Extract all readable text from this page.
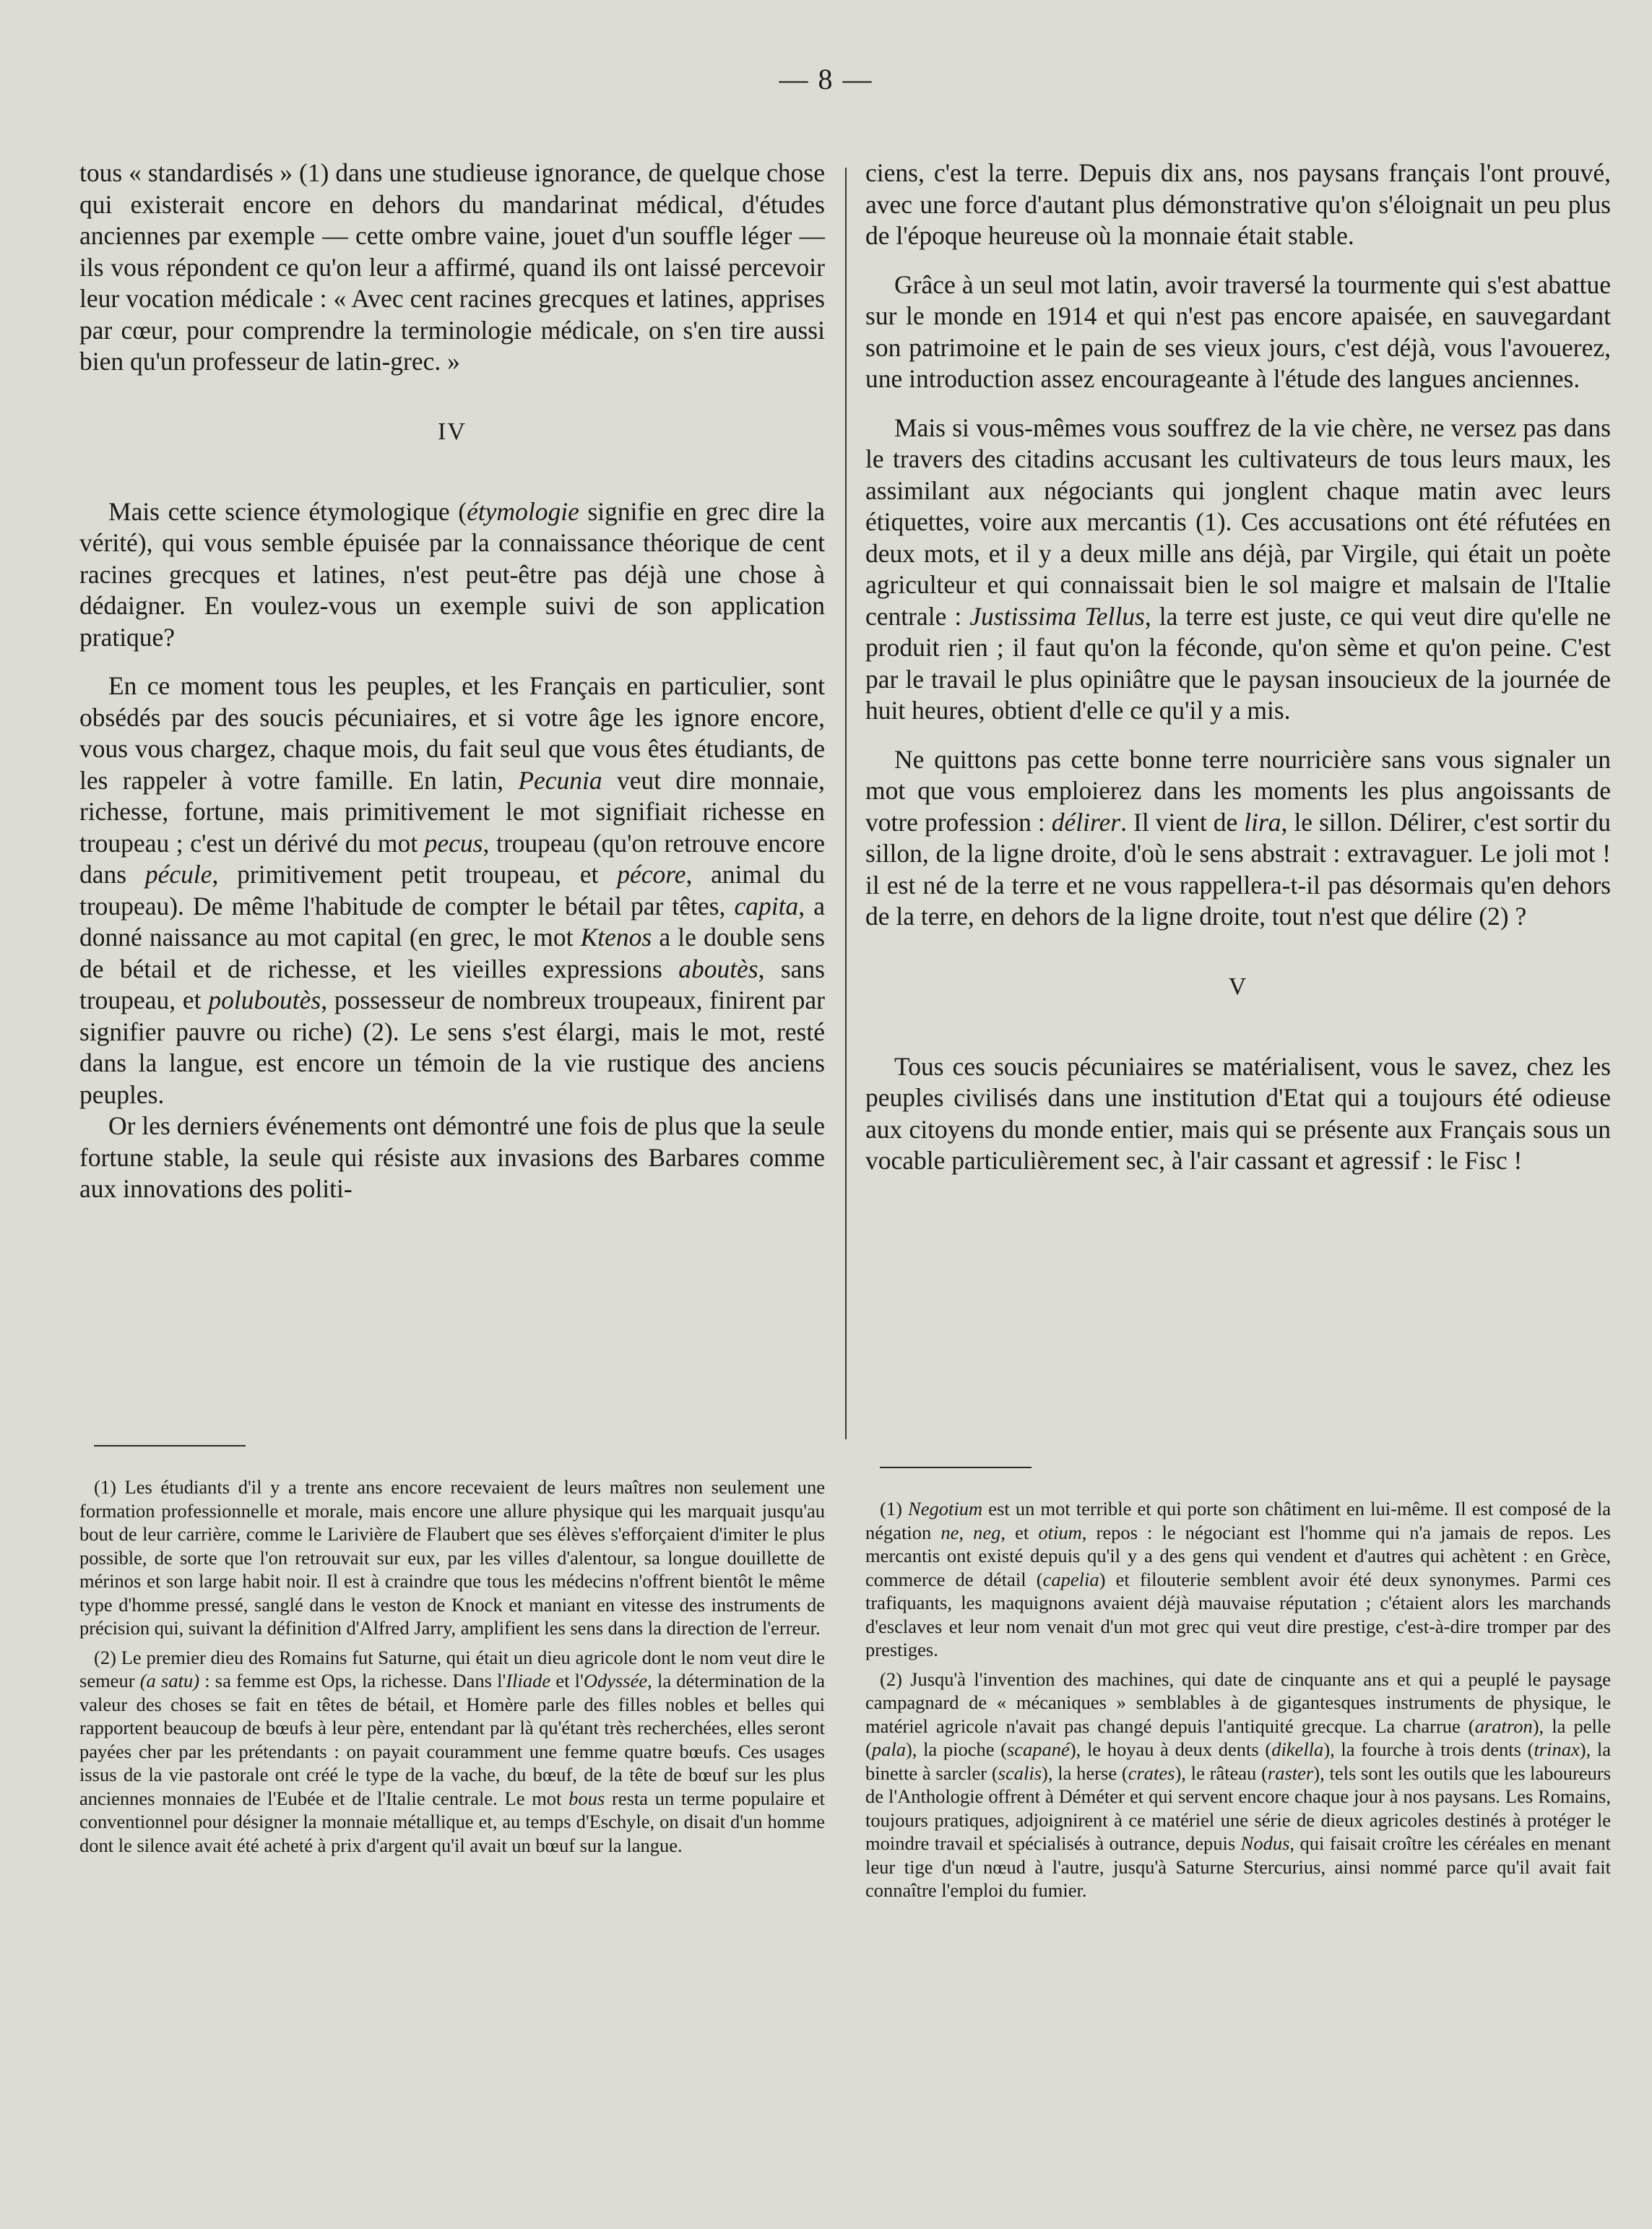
— 8 —

tous « standardisés » (1) dans une studieuse ignorance, de quelque chose qui existerait encore en dehors du mandarinat médical, d'études anciennes par exemple — cette ombre vaine, jouet d'un souffle léger — ils vous répondent ce qu'on leur a affirmé, quand ils ont laissé percevoir leur vocation médicale : « Avec cent racines grecques et latines, apprises par cœur, pour comprendre la terminologie médicale, on s'en tire aussi bien qu'un professeur de latin-grec. »

IV

Mais cette science étymologique (étymologie signifie en grec dire la vérité), qui vous semble épuisée par la connaissance théorique de cent racines grecques et latines, n'est peut-être pas déjà une chose à dédaigner. En voulez-vous un exemple suivi de son application pratique?

En ce moment tous les peuples, et les Français en particulier, sont obsédés par des soucis pécuniaires, et si votre âge les ignore encore, vous vous chargez, chaque mois, du fait seul que vous êtes étudiants, de les rappeler à votre famille. En latin, Pecunia veut dire monnaie, richesse, fortune, mais primitivement le mot signifiait richesse en troupeau ; c'est un dérivé du mot pecus, troupeau (qu'on retrouve encore dans pécule, primitivement petit troupeau, et pécore, animal du troupeau). De même l'habitude de compter le bétail par têtes, capita, a donné naissance au mot capital (en grec, le mot Ktenos a le double sens de bétail et de richesse, et les vieilles expressions aboutès, sans troupeau, et poluboutès, possesseur de nombreux troupeaux, finirent par signifier pauvre ou riche) (2). Le sens s'est élargi, mais le mot, resté dans la langue, est encore un témoin de la vie rustique des anciens peuples.

Or les derniers événements ont démontré une fois de plus que la seule fortune stable, la seule qui résiste aux invasions des Barbares comme aux innovations des politi-

ciens, c'est la terre. Depuis dix ans, nos paysans français l'ont prouvé, avec une force d'autant plus démonstrative qu'on s'éloignait un peu plus de l'époque heureuse où la monnaie était stable.

Grâce à un seul mot latin, avoir traversé la tourmente qui s'est abattue sur le monde en 1914 et qui n'est pas encore apaisée, en sauvegardant son patrimoine et le pain de ses vieux jours, c'est déjà, vous l'avouerez, une introduction assez encourageante à l'étude des langues anciennes.

Mais si vous-mêmes vous souffrez de la vie chère, ne versez pas dans le travers des citadins accusant les cultivateurs de tous leurs maux, les assimilant aux négociants qui jonglent chaque matin avec leurs étiquettes, voire aux mercantis (1). Ces accusations ont été réfutées en deux mots, et il y a deux mille ans déjà, par Virgile, qui était un poète agriculteur et qui connaissait bien le sol maigre et malsain de l'Italie centrale : Justissima Tellus, la terre est juste, ce qui veut dire qu'elle ne produit rien ; il faut qu'on la féconde, qu'on sème et qu'on peine. C'est par le travail le plus opiniâtre que le paysan insoucieux de la journée de huit heures, obtient d'elle ce qu'il y a mis.

Ne quittons pas cette bonne terre nourricière sans vous signaler un mot que vous emploierez dans les moments les plus angoissants de votre profession : délirer. Il vient de lira, le sillon. Délirer, c'est sortir du sillon, de la ligne droite, d'où le sens abstrait : extravaguer. Le joli mot ! il est né de la terre et ne vous rappellera-t-il pas désormais qu'en dehors de la terre, en dehors de la ligne droite, tout n'est que délire (2) ?

V

Tous ces soucis pécuniaires se matérialisent, vous le savez, chez les peuples civilisés dans une institution d'Etat qui a toujours été odieuse aux citoyens du monde entier, mais qui se présente aux Français sous un vocable particulièrement sec, à l'air cassant et agressif : le Fisc !

(1) Les étudiants d'il y a trente ans encore recevaient de leurs maîtres non seulement une formation professionnelle et morale, mais encore une allure physique qui les marquait jusqu'au bout de leur carrière, comme le Larivière de Flaubert que ses élèves s'efforçaient d'imiter le plus possible, de sorte que l'on retrouvait sur eux, par les villes d'alentour, sa longue douillette de mérinos et son large habit noir. Il est à craindre que tous les médecins n'offrent bientôt le même type d'homme pressé, sanglé dans le veston de Knock et maniant en vitesse des instruments de précision qui, suivant la définition d'Alfred Jarry, amplifient les sens dans la direction de l'erreur.

(2) Le premier dieu des Romains fut Saturne, qui était un dieu agricole dont le nom veut dire le semeur (a satu) : sa femme est Ops, la richesse. Dans l'Iliade et l'Odyssée, la détermination de la valeur des choses se fait en têtes de bétail, et Homère parle des filles nobles et belles qui rapportent beaucoup de bœufs à leur père, entendant par là qu'étant très recherchées, elles seront payées cher par les prétendants : on payait couramment une femme quatre bœufs. Ces usages issus de la vie pastorale ont créé le type de la vache, du bœuf, de la tête de bœuf sur les plus anciennes monnaies de l'Eubée et de l'Italie centrale. Le mot bous resta un terme populaire et conventionnel pour désigner la monnaie métallique et, au temps d'Eschyle, on disait d'un homme dont le silence avait été acheté à prix d'argent qu'il avait un bœuf sur la langue.

(1) Negotium est un mot terrible et qui porte son châtiment en lui-même. Il est composé de la négation ne, neg, et otium, repos : le négociant est l'homme qui n'a jamais de repos. Les mercantis ont existé depuis qu'il y a des gens qui vendent et d'autres qui achètent : en Grèce, commerce de détail (capelia) et filouterie semblent avoir été deux synonymes. Parmi ces trafiquants, les maquignons avaient déjà mauvaise réputation ; c'étaient alors les marchands d'esclaves et leur nom venait d'un mot grec qui veut dire prestige, c'est-à-dire tromper par des prestiges.

(2) Jusqu'à l'invention des machines, qui date de cinquante ans et qui a peuplé le paysage campagnard de « mécaniques » semblables à de gigantesques instruments de physique, le matériel agricole n'avait pas changé depuis l'antiquité grecque. La charrue (aratron), la pelle (pala), la pioche (scapané), le hoyau à deux dents (dikella), la fourche à trois dents (trinax), la binette à sarcler (scalis), la herse (crates), le râteau (raster), tels sont les outils que les laboureurs de l'Anthologie offrent à Déméter et qui servent encore chaque jour à nos paysans. Les Romains, toujours pratiques, adjoignirent à ce matériel une série de dieux agricoles destinés à protéger le moindre travail et spécialisés à outrance, depuis Nodus, qui faisait croître les céréales en menant leur tige d'un nœud à l'autre, jusqu'à Saturne Stercurius, ainsi nommé parce qu'il avait fait connaître l'emploi du fumier.
